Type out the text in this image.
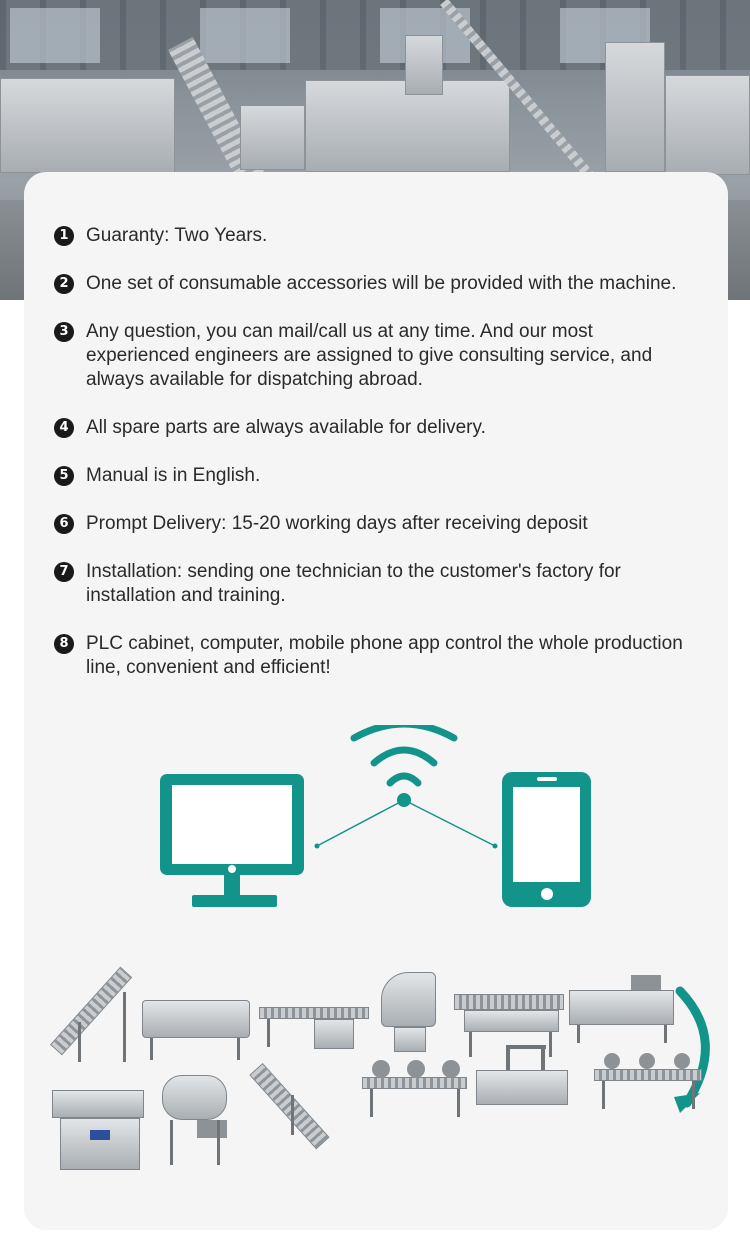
1 Guaranty: Two Years.
2 One set of consumable accessories will be provided with the machine.
3 Any question, you can mail/call us at any time. And our most experienced engineers are assigned to give consulting service, and always available for dispatching abroad.
4 All spare parts are always available for delivery.
5 Manual is in English.
6 Prompt Delivery: 15-20 working days after receiving deposit
7 Installation: sending one technician to the customer's factory for installation and training.
8 PLC cabinet, computer, mobile phone app control the whole production line, convenient and efficient!
